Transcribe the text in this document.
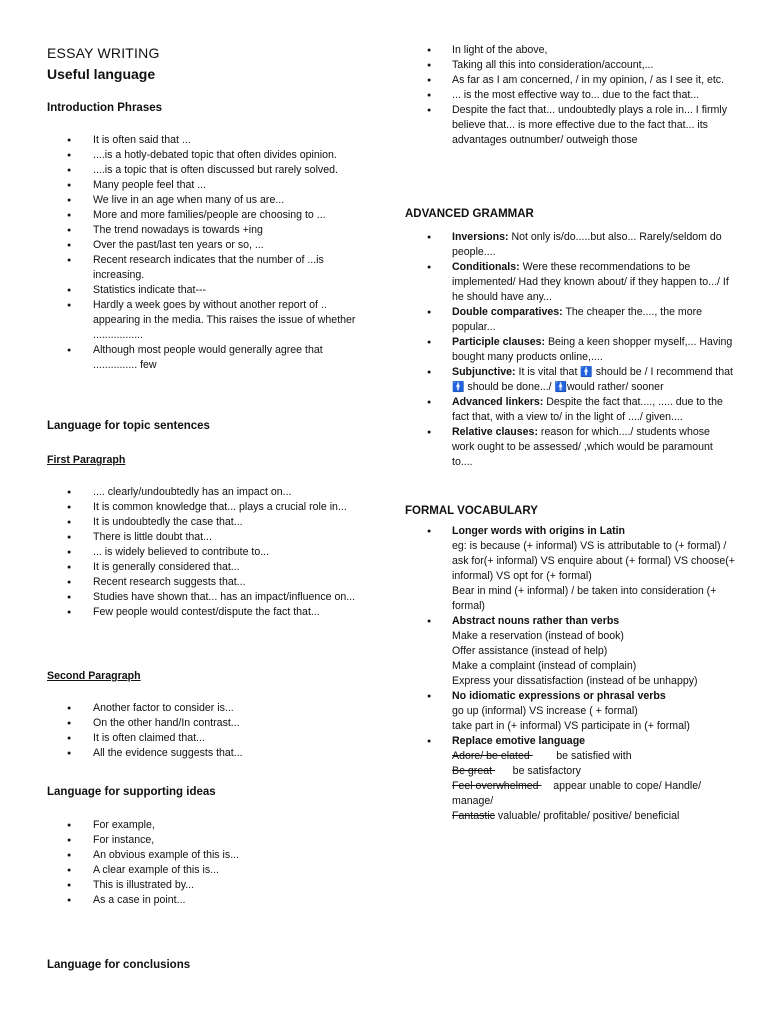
ESSAY WRITING
Useful language
Introduction Phrases
● It is often said that ...
● ....is a hotly-debated topic that often divides opinion.
● ....is a topic that is often discussed but rarely solved.
● Many people feel that ...
● We live in an age when many of us are...
● More and more families/people are choosing to ...
● The trend nowadays is towards +ing
● Over the past/last ten years or so, ...
● Recent research indicates that the number of ...is increasing.
● Statistics indicate that---
● Hardly a week goes by without another report of .. appearing in the media. This raises the issue of whether .................
● Although most people would generally agree that ............... few
Language for topic sentences
First Paragraph
● .... clearly/undoubtedly has an impact on...
● It is common knowledge that... plays a crucial role in...
● It is undoubtedly the case that...
● There is little doubt that...
● ... is widely believed to contribute to...
● It is generally considered that...
● Recent research suggests that...
● Studies have shown that... has an impact/influence on...
● Few people would contest/dispute the fact that...
Second Paragraph
● Another factor to consider is...
● On the other hand/In contrast...
● It is often claimed that...
● All the evidence suggests that...
Language for supporting ideas
● For example,
● For instance,
● An obvious example of this is...
● A clear example of this is...
● This is illustrated by...
● As a case in point...
Language for conclusions
● In light of the above,
● Taking all this into consideration/account,...
● As far as I am concerned, / in my opinion, / as I see it, etc.
● ... is the most effective way to... due to the fact that...
● Despite the fact that... undoubtedly plays a role in... I firmly believe that... is more effective due to the fact that... its advantages outnumber/ outweigh those
ADVANCED GRAMMAR
● Inversions: Not only is/do.....but also... Rarely/seldom do people....
● Conditionals: Were these recommendations to be implemented/ Had they known about/ if they happen to.../ If he should have any...
● Double comparatives: The cheaper the...., the more popular...
● Participle clauses: Being a keen shopper myself,... Having bought many products online,....
● Subjunctive: It is vital that 🚹 should be / I recommend that 🚹 should be done.../ 🚹would rather/ sooner
● Advanced linkers: Despite the fact that...., ..... due to the fact that, with a view to/ in the light of ..../ given....
● Relative clauses: reason for which..../ students whose work ought to be assessed/ ,which would be paramount to....
FORMAL VOCABULARY
● Longer words with origins in Latin
eg: is because (+ informal) VS is attributable to (+ formal) / ask for(+ informal) VS enquire about (+ formal) VS choose(+ informal) VS opt for (+ formal)
Bear in mind (+ informal) / be taken into consideration (+ formal)
● Abstract nouns rather than verbs
Make a reservation (instead of book)
Offer assistance (instead of help)
Make a complaint (instead of complain)
Express your dissatisfaction (instead of be unhappy)
● No idiomatic expressions or phrasal verbs
go up (informal) VS increase ( + formal)
take part in (+ informal) VS participate in (+ formal)
● Replace emotive language
Adore/ be elated         be satisfied with
Be great       be satisfactory
Feel overwhelmed     appear unable to cope/ Handle/ manage/
Fantastic valuable/ profitable/ positive/ beneficial
